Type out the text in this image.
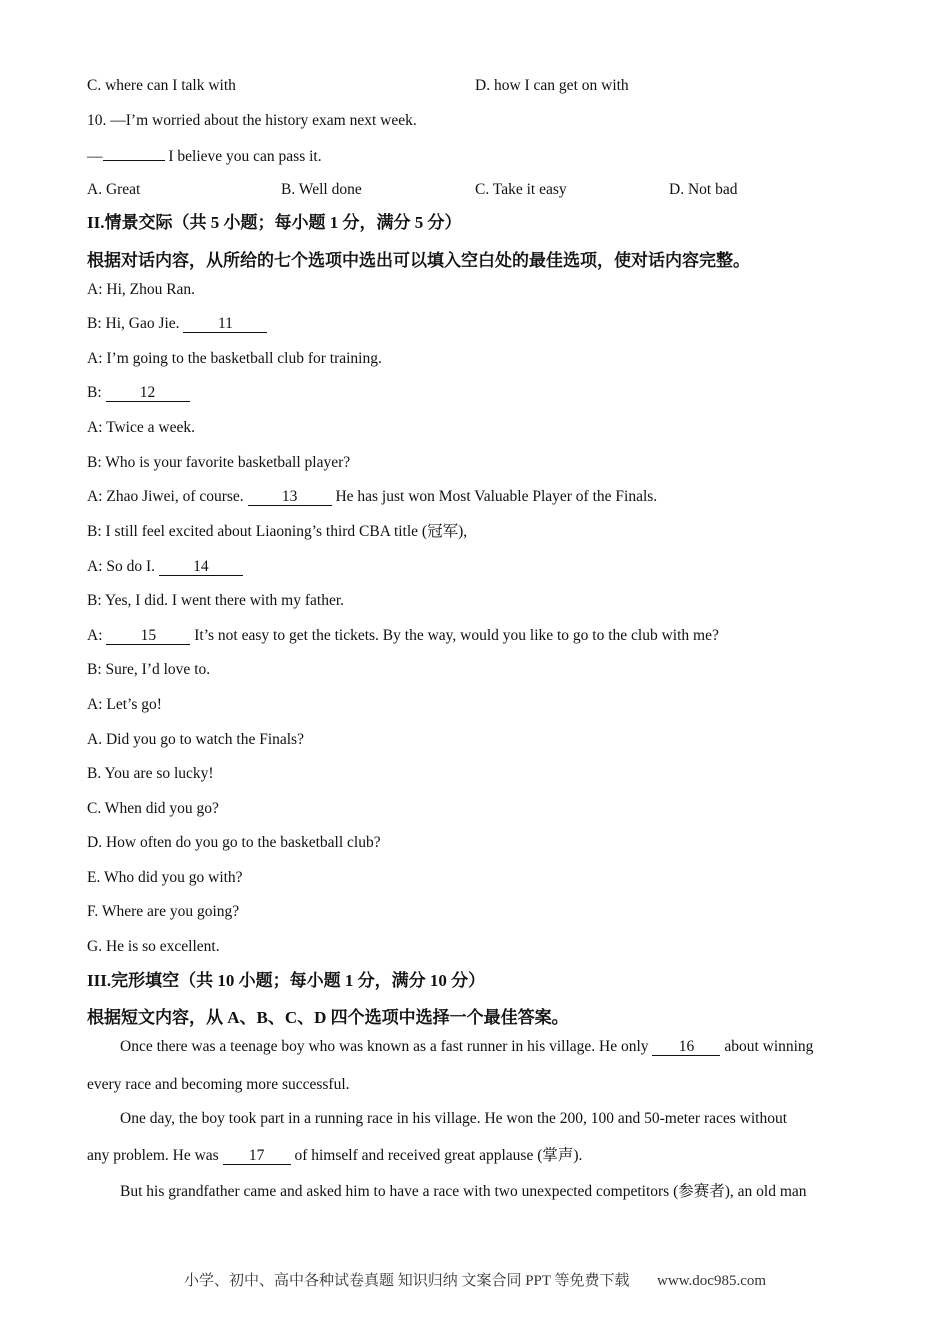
C. where can I talk with	D. how I can get on with
10. —I’m worried about the history exam next week.
—	I believe you can pass it.
A. Great	B. Well done	C. Take it easy	D. Not bad
II.情景交际（共 5 小题；每小题 1 分，满分 5 分）
根据对话内容，从所给的七个选项中选出可以填入空白处的最佳选项，使对话内容完整。
A: Hi, Zhou Ran.
B: Hi, Gao Jie. 11
A: I’m going to the basketball club for training.
B: 12
A: Twice a week.
B: Who is your favorite basketball player?
A: Zhao Jiwei, of course. 13 He has just won Most Valuable Player of the Finals.
B: I still feel excited about Liaoning’s third CBA title (冠军),
A: So do I. 14
B: Yes, I did. I went there with my father.
A: 15 It’s not easy to get the tickets. By the way, would you like to go to the club with me?
B: Sure, I’d love to.
A: Let’s go!
A. Did you go to watch the Finals?
B. You are so lucky!
C. When did you go?
D. How often do you go to the basketball club?
E. Who did you go with?
F. Where are you going?
G. He is so excellent.
III.完形填空（共 10 小题；每小题 1 分，满分 10 分）
根据短文内容，从 A、B、C、D 四个选项中选择一个最佳答案。
Once there was a teenage boy who was known as a fast runner in his village. He only 16 about winning
every race and becoming more successful.
One day, the boy took part in a running race in his village. He won the 200, 100 and 50-meter races without
any problem. He was 17 of himself and received great applause (掌声).
But his grandfather came and asked him to have a race with two unexpected competitors (参赛者), an old man
小学、初中、高中各种试卷真题 知识归纳 文案合同 PPT 等免费下载 www.doc985.com
